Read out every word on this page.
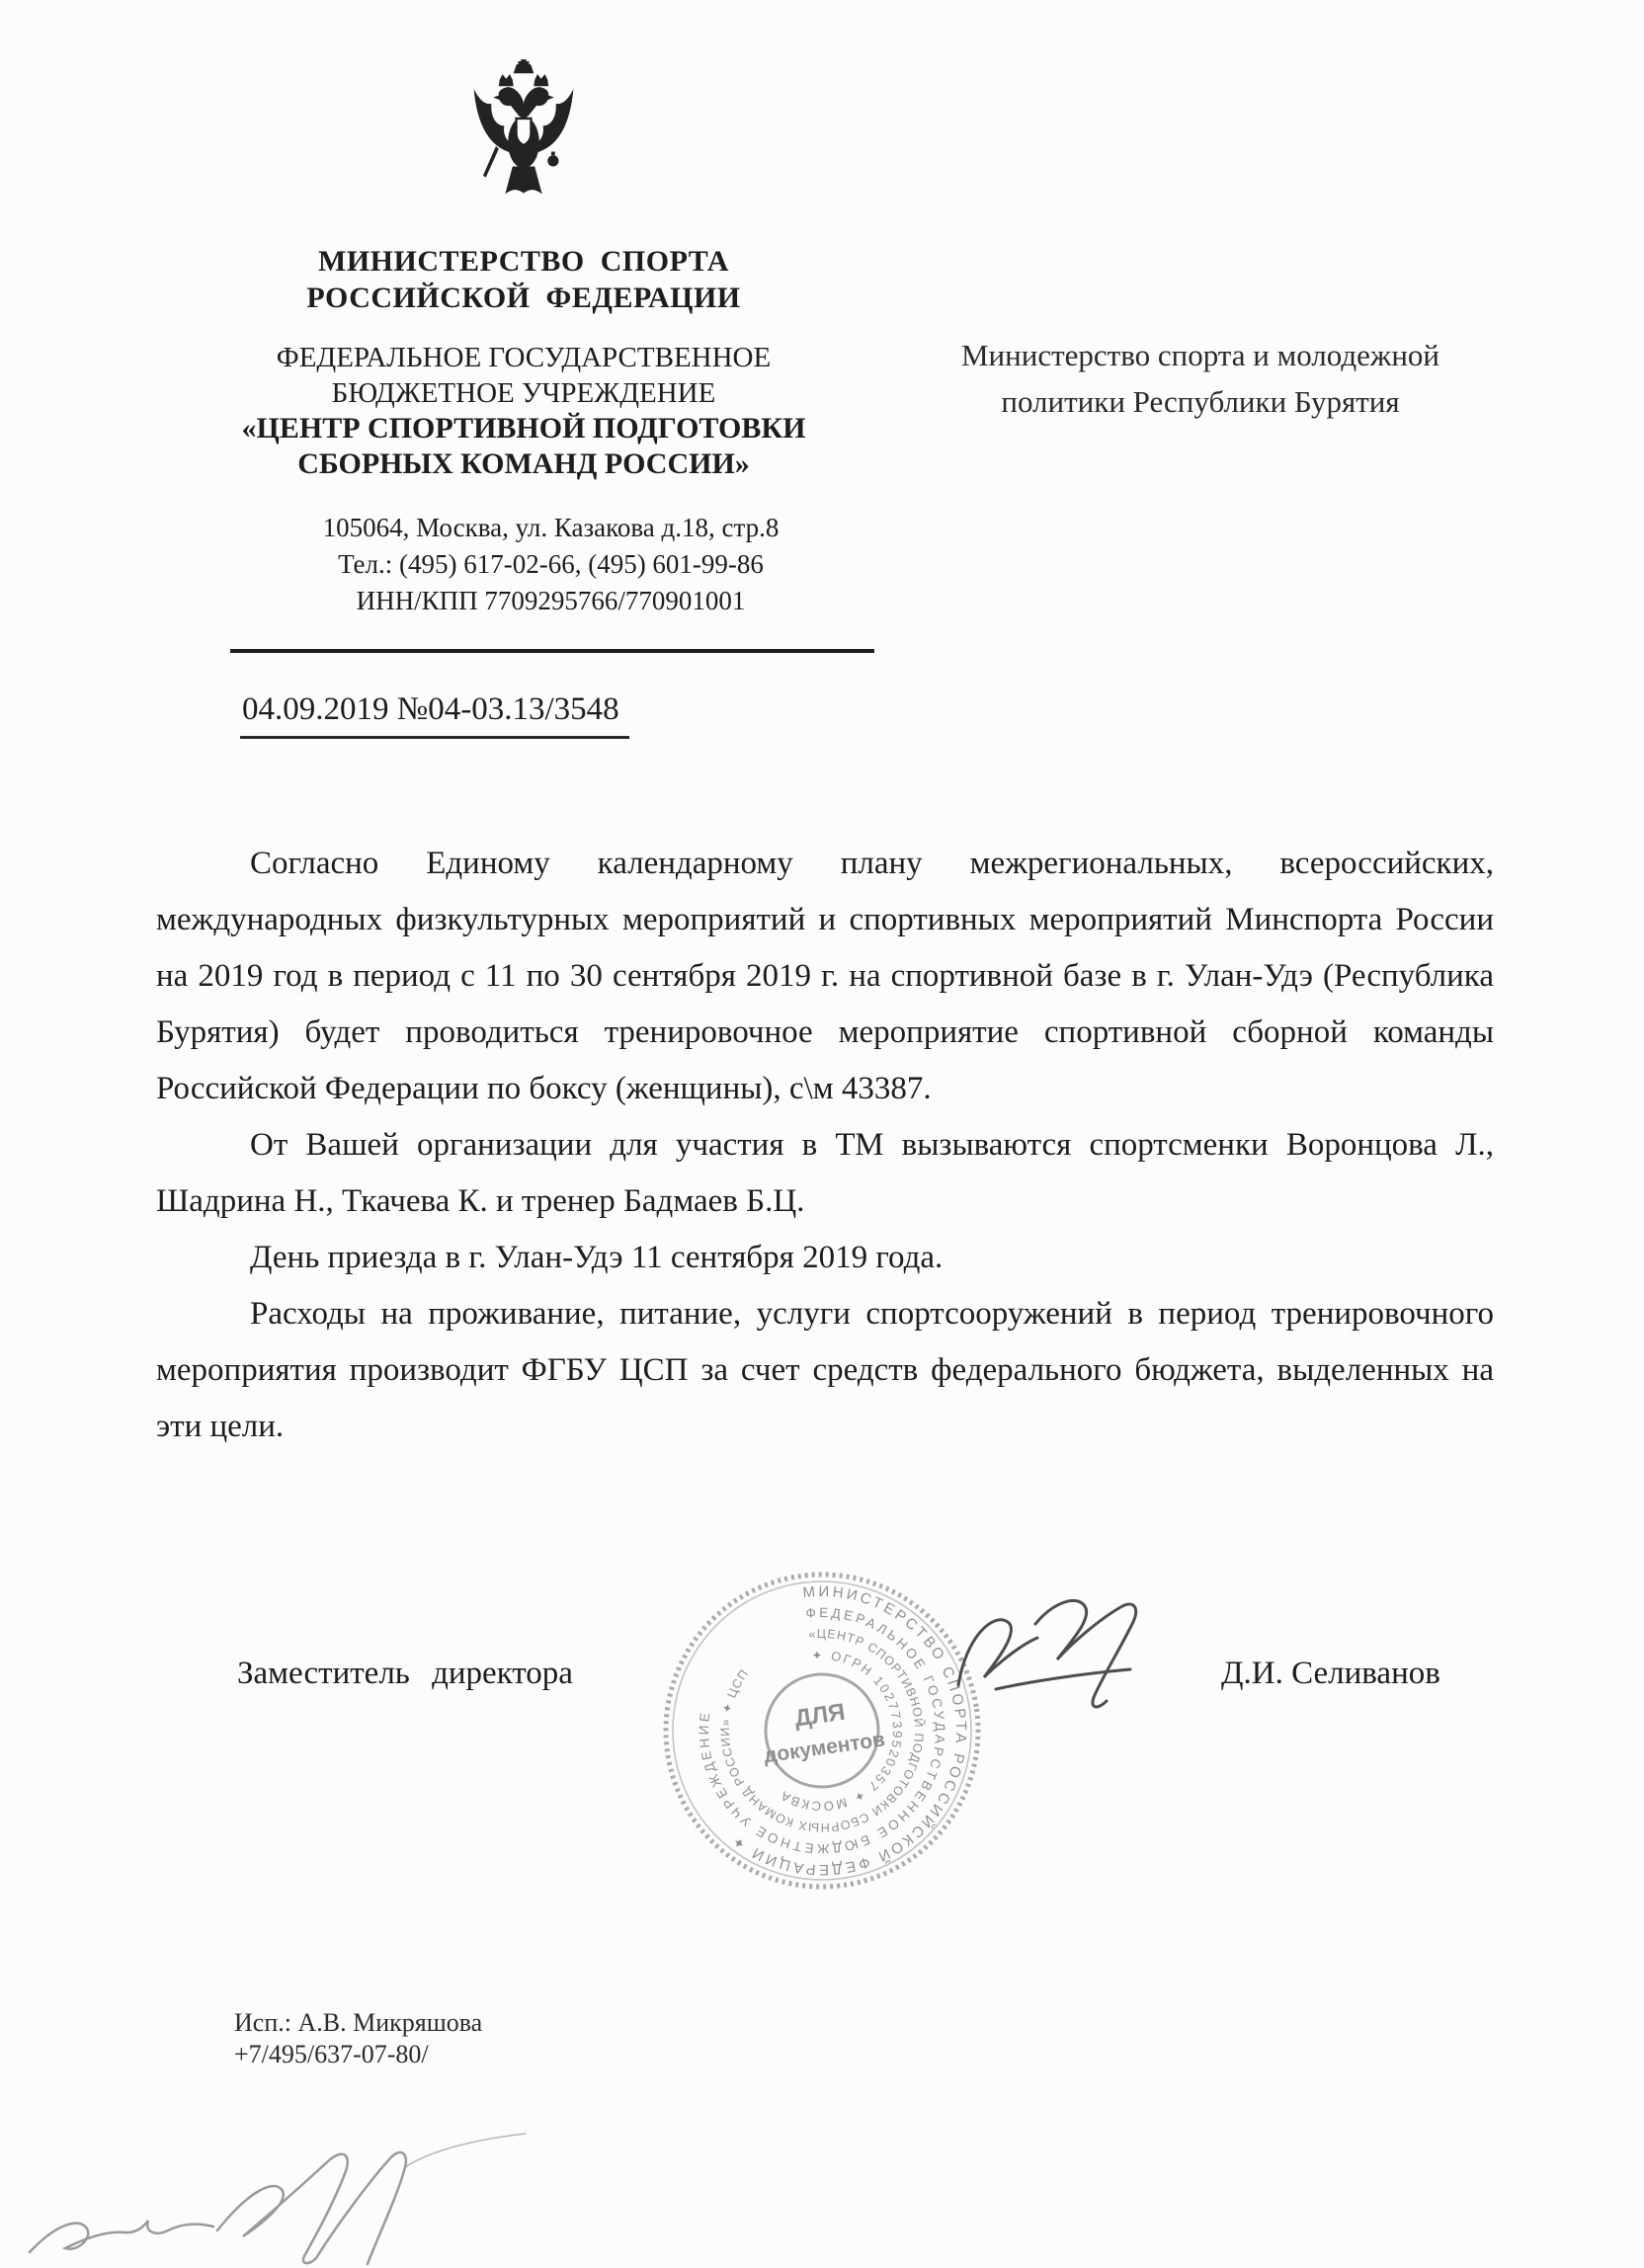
МИНИСТЕРСТВО СПОРТА
РОССИЙСКОЙ ФЕДЕРАЦИИ
ФЕДЕРАЛЬНОЕ ГОСУДАРСТВЕННОЕ
БЮДЖЕТНОЕ УЧРЕЖДЕНИЕ
«ЦЕНТР СПОРТИВНОЙ ПОДГОТОВКИ
СБОРНЫХ КОМАНД РОССИИ»
105064, Москва, ул. Казакова д.18, стр.8
Тел.: (495) 617-02-66, (495) 601-99-86
ИНН/КПП 7709295766/770901001
Министерство спорта и молодежной
политики Республики Бурятия
04.09.2019 №04-03.13/3548

Согласно Единому календарному плану межрегиональных, всероссийских, международных физкультурных мероприятий и спортивных мероприятий Минспорта России на 2019 год в период с 11 по 30 сентября 2019 г. на спортивной базе в г. Улан-Удэ (Республика Бурятия) будет проводиться тренировочное мероприятие спортивной сборной команды Российской Федерации по боксу (женщины), с\м 43387.

От Вашей организации для участия в ТМ вызываются спортсменки Воронцова Л., Шадрина Н., Ткачева К. и тренер Бадмаев Б.Ц.

День приезда в г. Улан-Удэ 11 сентября 2019 года.

Расходы на проживание, питание, услуги спортсооружений в период тренировочного мероприятия производит ФГБУ ЦСП за счет средств федерального бюджета, выделенных на эти цели.

Заместитель директора	Д.И. Селиванов
МИНИСТЕРСТВО СПОРТА РОССИЙСКОЙ ФЕДЕРАЦИИ ✦
ФЕДЕРАЛЬНОЕ ГОСУДАРСТВЕННОЕ БЮДЖЕТНОЕ УЧРЕЖДЕНИЕ
«ЦЕНТР СПОРТИВНОЙ ПОДГОТОВКИ СБОРНЫХ КОМАНД РОССИИ» ✦ ЦСП
✦ ОГРН 1027739520357 ✦ МОСКВА
ДЛЯ
документов
Исп.: А.В. Микряшова
+7/495/637-07-80/
